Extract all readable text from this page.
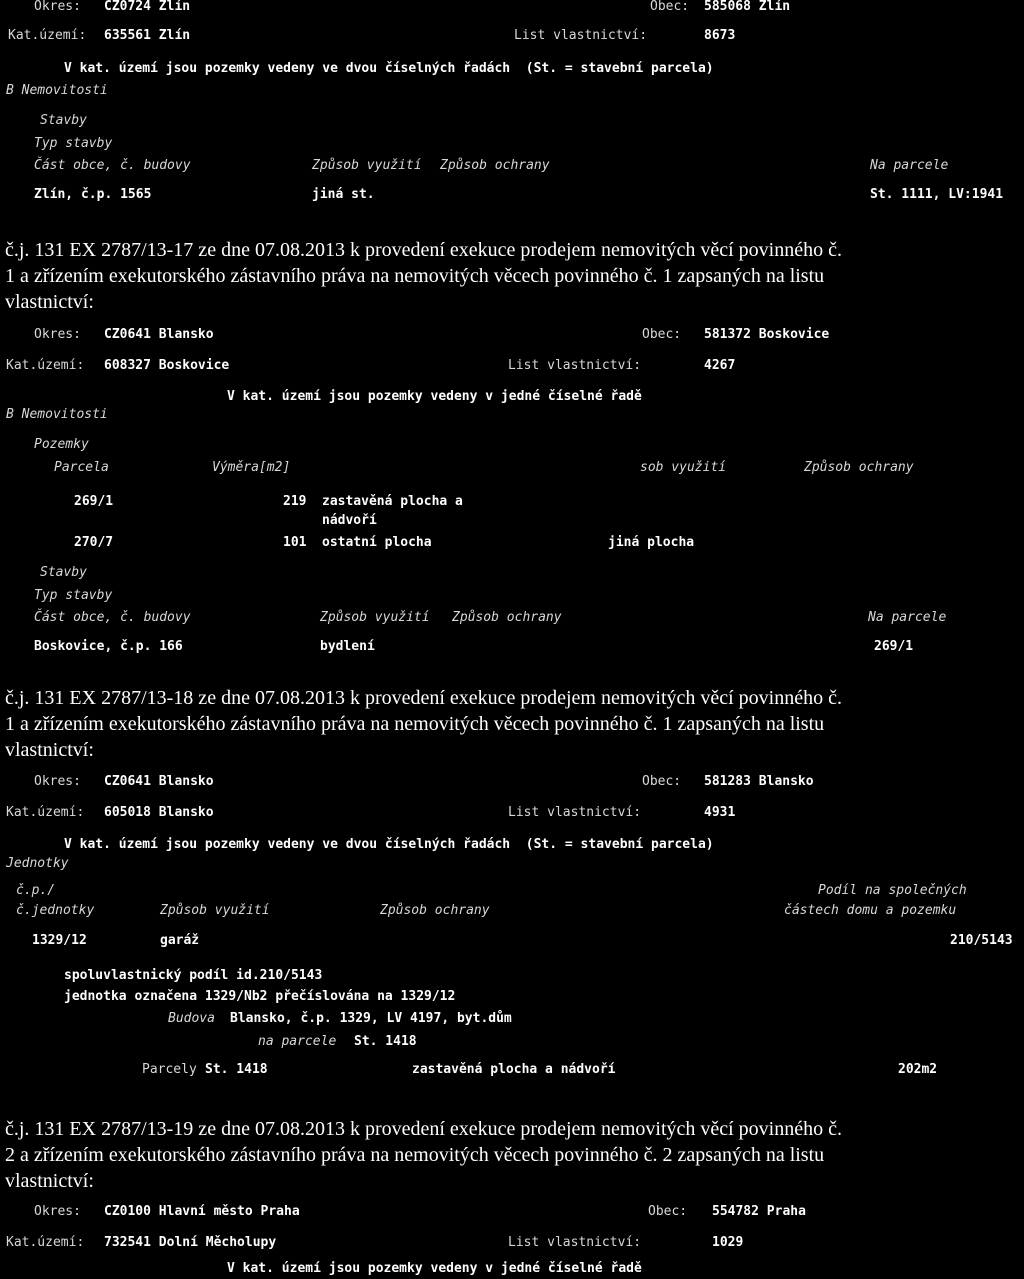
Okres: CZ0724 Zlín	Obec: 585068 Zlín
Kat.území: 635561 Zlín	List vlastnictví:	8673
V kat. území jsou pozemky vedeny ve dvou číselných řadách  (St. = stavební parcela)
B Nemovitosti
Stavby
Typ stavby
Část obce, č. budovy	Způsob využití Způsob ochrany	Na parcele
Zlín, č.p. 1565	jiná st.	St. 1111, LV:1941
č.j. 131 EX 2787/13-17 ze dne 07.08.2013 k provedení exekuce prodejem nemovitých věcí povinného č.
1 a zřízením exekutorského zástavního práva na nemovitých věcech povinného č. 1 zapsaných na listu
vlastnictví:
Okres: CZ0641 Blansko	Obec: 581372 Boskovice
Kat.území: 608327 Boskovice	List vlastnictví:	4267
V kat. území jsou pozemky vedeny v jedné číselné řadě
B Nemovitosti
Pozemky
Parcela	Výměra[m2]	sob využití	Způsob ochrany
269/1	219 zastavěná plocha a
nádvoří
270/7	101 ostatní plocha	jiná plocha
Stavby
Typ stavby
Část obce, č. budovy	Způsob využití Způsob ochrany	Na parcele
Boskovice, č.p. 166	bydlení	269/1
č.j. 131 EX 2787/13-18 ze dne 07.08.2013 k provedení exekuce prodejem nemovitých věcí povinného č.
1 a zřízením exekutorského zástavního práva na nemovitých věcech povinného č. 1 zapsaných na listu
vlastnictví:
Okres: CZ0641 Blansko	Obec: 581283 Blansko
Kat.území: 605018 Blansko	List vlastnictví:	4931
V kat. území jsou pozemky vedeny ve dvou číselných řadách  (St. = stavební parcela)
Jednotky
č.p./
č.jednotky	Způsob využití	Způsob ochrany
Podíl na společných
částech domu a pozemku
1329/12	garáž	210/5143
spoluvlastnický podíl id.210/5143
jednotka označena 1329/Nb2 přečíslována na 1329/12
Budova Blansko, č.p. 1329, LV 4197, byt.dům
na parcele St. 1418
Parcely St. 1418	zastavěná plocha a nádvoří	202m2
č.j. 131 EX 2787/13-19 ze dne 07.08.2013 k provedení exekuce prodejem nemovitých věcí povinného č.
2 a zřízením exekutorského zástavního práva na nemovitých věcech povinného č. 2 zapsaných na listu
vlastnictví:
Okres: CZ0100 Hlavní město Praha	Obec: 554782 Praha
Kat.území: 732541 Dolní Měcholupy	List vlastnictví:	1029
V kat. území jsou pozemky vedeny v jedné číselné řadě
